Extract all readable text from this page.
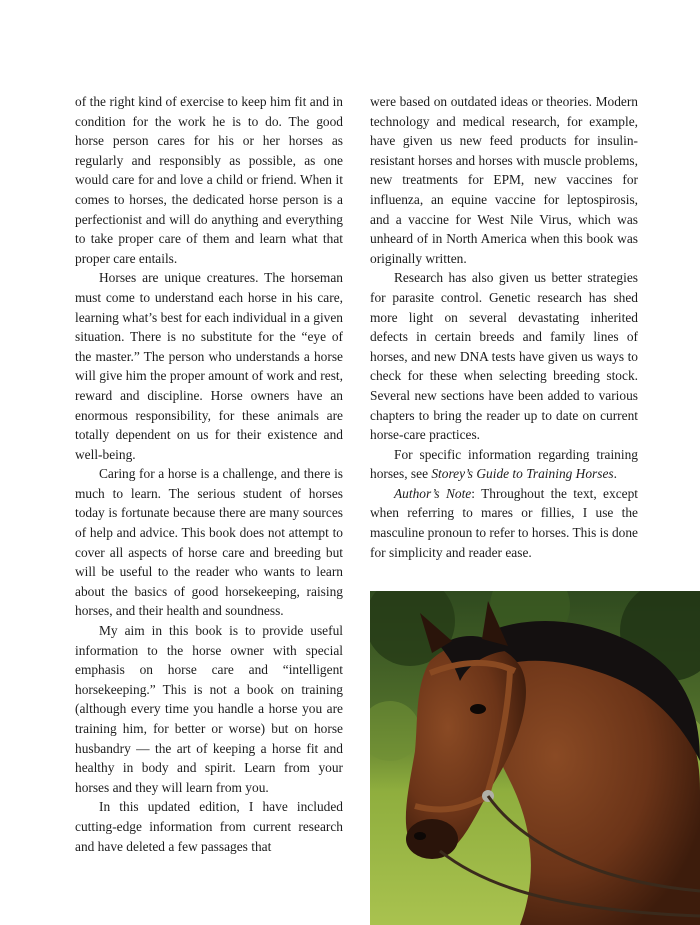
of the right kind of exercise to keep him fit and in condition for the work he is to do. The good horse person cares for his or her horses as regularly and responsibly as possible, as one would care for and love a child or friend. When it comes to horses, the dedicated horse person is a perfectionist and will do anything and everything to take proper care of them and learn what that proper care entails.

Horses are unique creatures. The horseman must come to understand each horse in his care, learning what’s best for each individual in a given situation. There is no substitute for the “eye of the master.” The person who understands a horse will give him the proper amount of work and rest, reward and discipline. Horse owners have an enormous responsibility, for these animals are totally dependent on us for their existence and well-being.

Caring for a horse is a challenge, and there is much to learn. The serious student of horses today is fortunate because there are many sources of help and advice. This book does not attempt to cover all aspects of horse care and breeding but will be useful to the reader who wants to learn about the basics of good horsekeeping, raising horses, and their health and soundness.

My aim in this book is to provide useful information to the horse owner with special emphasis on horse care and “intelligent horsekeeping.” This is not a book on training (although every time you handle a horse you are training him, for better or worse) but on horse husbandry — the art of keeping a horse fit and healthy in body and spirit. Learn from your horses and they will learn from you.

In this updated edition, I have included cutting-edge information from current research and have deleted a few passages that

were based on outdated ideas or theories. Modern technology and medical research, for example, have given us new feed products for insulin-resistant horses and horses with muscle problems, new treatments for EPM, new vaccines for influenza, an equine vaccine for leptospirosis, and a vaccine for West Nile Virus, which was unheard of in North America when this book was originally written.

Research has also given us better strategies for parasite control. Genetic research has shed more light on several devastating inherited defects in certain breeds and family lines of horses, and new DNA tests have given us ways to check for these when selecting breeding stock. Several new sections have been added to various chapters to bring the reader up to date on current horse-care practices.

For specific information regarding training horses, see Storey’s Guide to Training Horses.

Author’s Note: Throughout the text, except when referring to mares or fillies, I use the masculine pronoun to refer to horses. This is done for simplicity and reader ease.
